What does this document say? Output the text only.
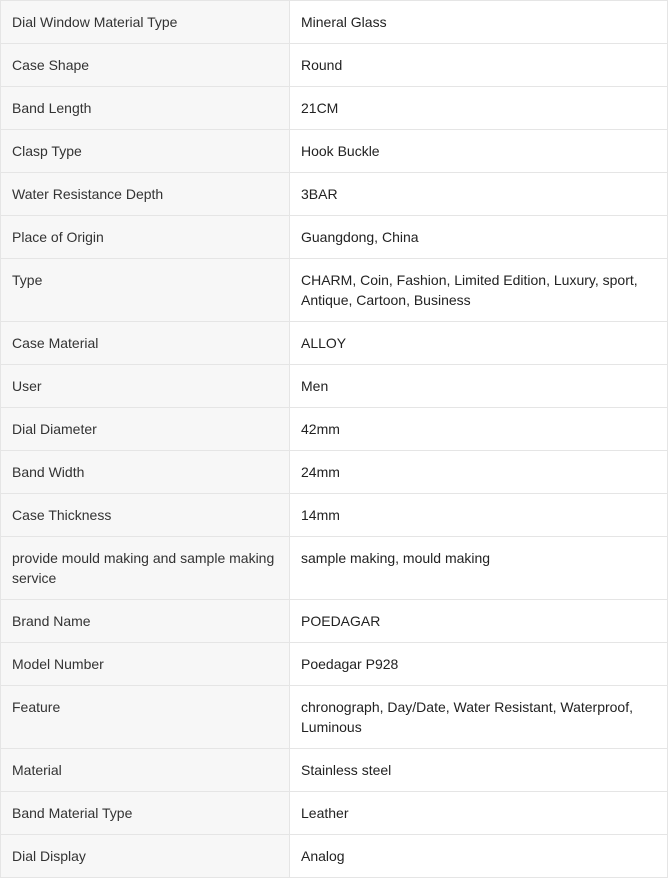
Dial Window Material Type	Mineral Glass
Case Shape	Round
Band Length	21CM
Clasp Type	Hook Buckle
Water Resistance Depth	3BAR
Place of Origin	Guangdong, China
Type	CHARM, Coin, Fashion, Limited Edition, Luxury, sport, Antique, Cartoon, Business
Case Material	ALLOY
User	Men
Dial Diameter	42mm
Band Width	24mm
Case Thickness	14mm
provide mould making and sample making service	sample making, mould making
Brand Name	POEDAGAR
Model Number	Poedagar P928
Feature	chronograph, Day/Date, Water Resistant, Waterproof, Luminous
Material	Stainless steel
Band Material Type	Leather
Dial Display	Analog
